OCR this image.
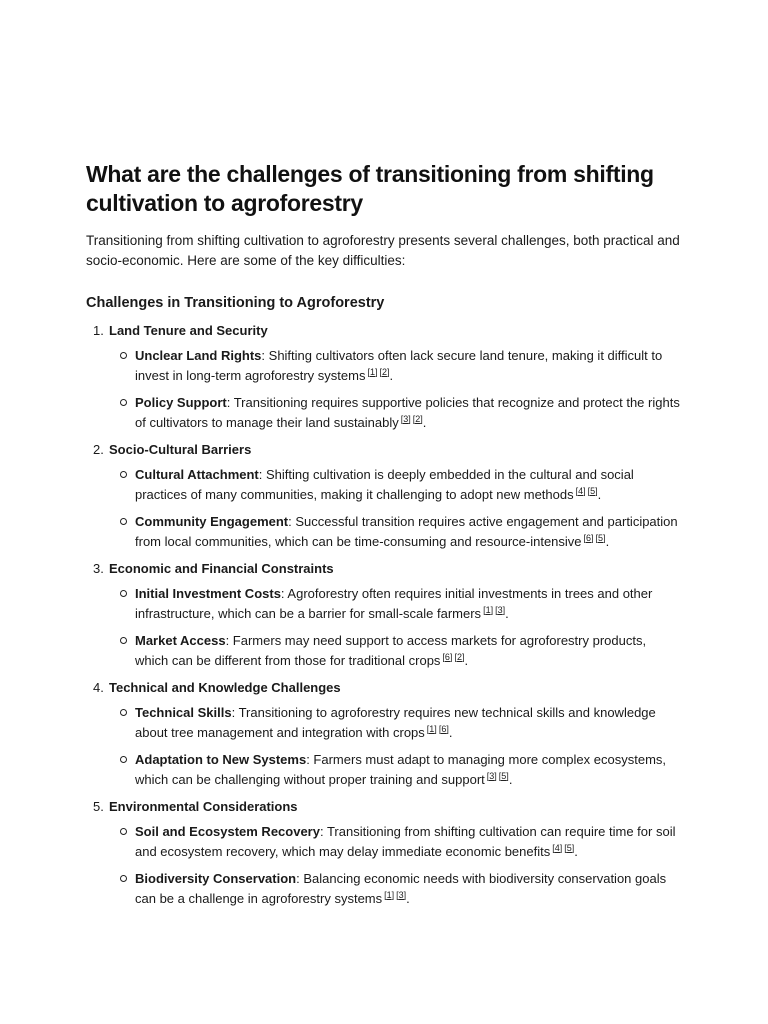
What are the challenges of transitioning from shifting cultivation to agroforestry

Transitioning from shifting cultivation to agroforestry presents several challenges, both practical and socio-economic. Here are some of the key difficulties:

Challenges in Transitioning to Agroforestry
1. Land Tenure and Security
Unclear Land Rights: Shifting cultivators often lack secure land tenure, making it difficult to invest in long-term agroforestry systems [1] [2].
Policy Support: Transitioning requires supportive policies that recognize and protect the rights of cultivators to manage their land sustainably [3] [2].
2. Socio-Cultural Barriers
Cultural Attachment: Shifting cultivation is deeply embedded in the cultural and social practices of many communities, making it challenging to adopt new methods [4] [5].
Community Engagement: Successful transition requires active engagement and participation from local communities, which can be time-consuming and resource-intensive [6] [5].
3. Economic and Financial Constraints
Initial Investment Costs: Agroforestry often requires initial investments in trees and other infrastructure, which can be a barrier for small-scale farmers [1] [3].
Market Access: Farmers may need support to access markets for agroforestry products, which can be different from those for traditional crops [6] [2].
4. Technical and Knowledge Challenges
Technical Skills: Transitioning to agroforestry requires new technical skills and knowledge about tree management and integration with crops [1] [6].
Adaptation to New Systems: Farmers must adapt to managing more complex ecosystems, which can be challenging without proper training and support [3] [5].
5. Environmental Considerations
Soil and Ecosystem Recovery: Transitioning from shifting cultivation can require time for soil and ecosystem recovery, which may delay immediate economic benefits [4] [5].
Biodiversity Conservation: Balancing economic needs with biodiversity conservation goals can be a challenge in agroforestry systems [1] [3].
